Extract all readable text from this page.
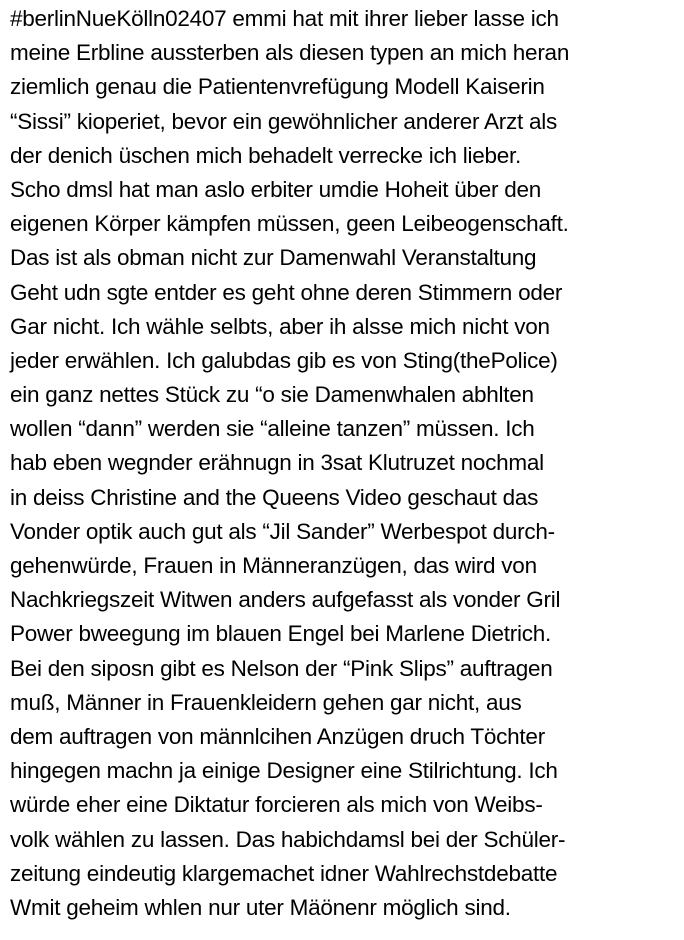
#berlinNueKölln02407 emmi hat mit ihrer lieber lasse ich
meine Erbline aussterben als diesen typen an mich heran
ziemlich genau die Patientenvrefügung Modell Kaiserin
“Sissi” kioperiet, bevor ein gewöhnlicher anderer Arzt als
der denich üschen mich behadelt verrecke ich lieber.
Scho dmsl hat man aslo erbiter umdie Hoheit über den
eigenen Körper kämpfen müssen, geen Leibeogenschaft.
Das ist als obman nicht zur Damenwahl Veranstaltung
Geht udn sgte entder es geht ohne deren Stimmern oder
Gar nicht. Ich wähle selbts, aber ih alsse mich nicht von
jeder erwählen. Ich galubdas gib es von Sting(thePolice)
ein ganz nettes Stück zu “o sie Damenwhalen abhlten
wollen “dann” werden sie “alleine tanzen” müssen. Ich
hab eben wegnder erähnugn in 3sat Klutruzet nochmal
in deiss Christine and the Queens Video geschaut das
Vonder optik auch gut als “Jil Sander” Werbespot durch-
gehenwürde, Frauen in Männeranzügen, das wird von
Nachkriegszeit Witwen anders aufgefasst als vonder Gril
Power bweegung im blauen Engel bei Marlene Dietrich.
Bei den siposn gibt es Nelson der “Pink Slips” auftragen
muß, Männer in Frauenkleidern gehen gar nicht, aus
dem auftragen von männlcihen Anzügen druch Töchter
hingegen machn ja einige Designer eine Stilrichtung. Ich
würde eher eine Diktatur forcieren als mich von Weibs-
volk wählen zu lassen. Das habichdamsl bei der Schüler-
zeitung eindeutig klargemachet idner Wahlrechstdebatte
Wmit geheim whlen nur uter Mäönenr möglich sind.
